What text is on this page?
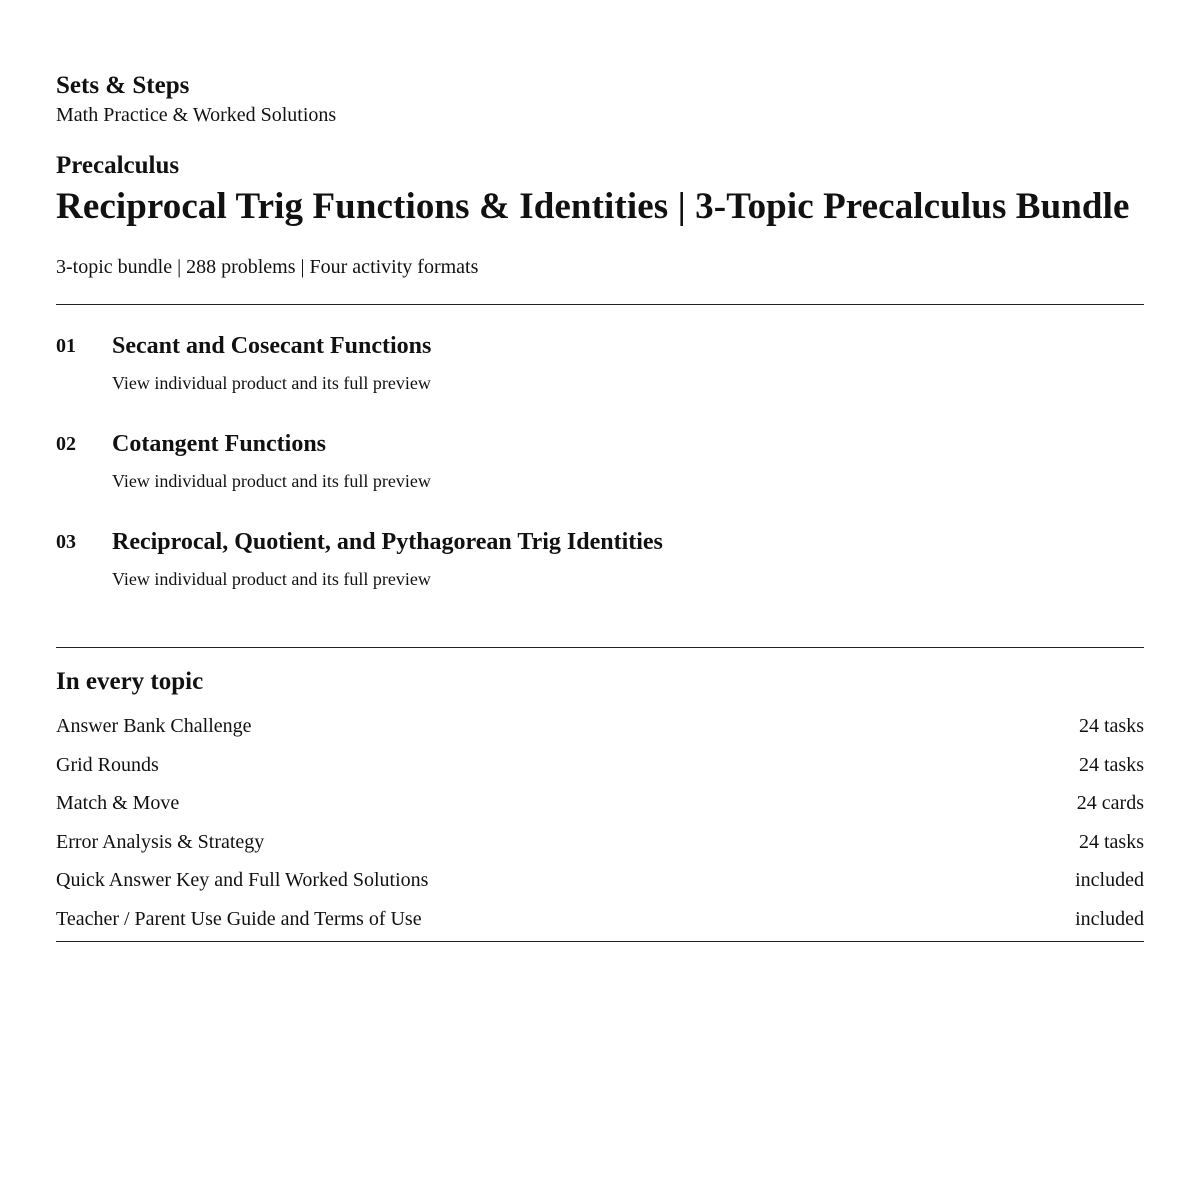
Sets & Steps

Math Practice & Worked Solutions

Precalculus

Reciprocal Trig Functions & Identities | 3-Topic Precalculus Bundle

3-topic bundle | 288 problems | Four activity formats

01	Secant and Cosecant Functions
View individual product and its full preview
02	Cotangent Functions
View individual product and its full preview
03	Reciprocal, Quotient, and Pythagorean Trig Identities
View individual product and its full preview
In every topic
Answer Bank Challenge	24 tasks
Grid Rounds	24 tasks
Match & Move	24 cards
Error Analysis & Strategy	24 tasks
Quick Answer Key and Full Worked Solutions	included
Teacher / Parent Use Guide and Terms of Use	included
